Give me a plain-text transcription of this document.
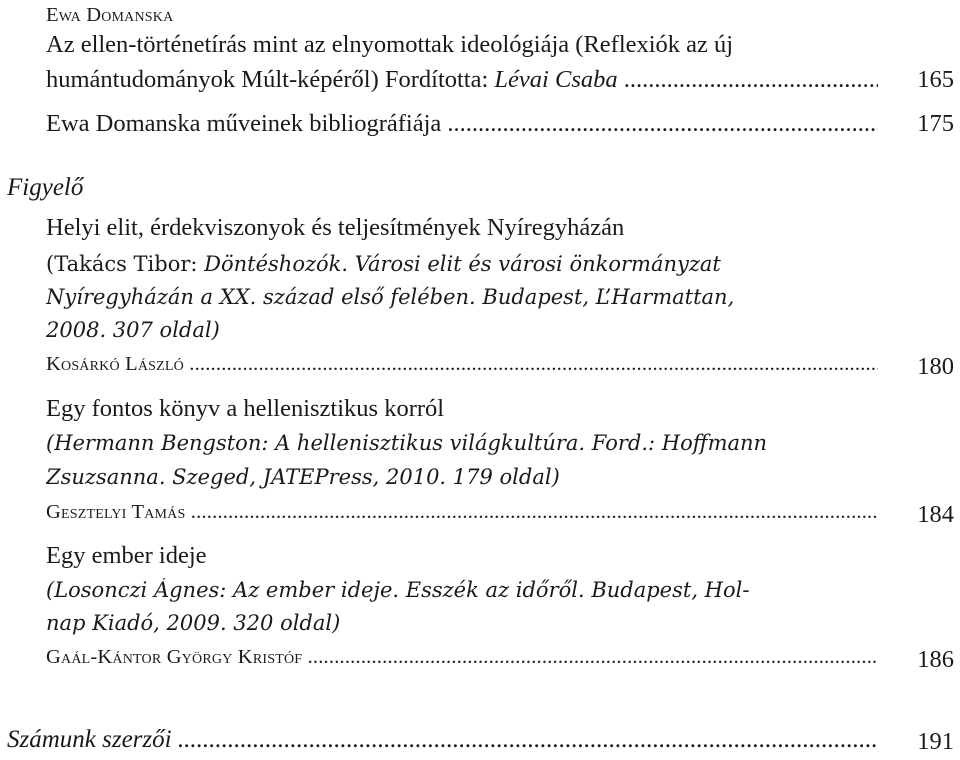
Ewa Domanska
Az ellen-történetírás mint az elnyomottak ideológiája (Reflexiók az új
humántudományok Múlt-képéről) Fordította: Lévai Csaba .....	165
Ewa Domanska műveinek bibliográfiája .....	175
Figyelő
Helyi elit, érdekviszonyok és teljesítmények Nyíregyházán
(Takács Tibor: Döntéshozók. Városi elit és városi önkormányzat
Nyíregyházán a XX. század első felében. Budapest, L’Harmattan,
2008. 307 oldal)
Kosárkó László .....	180
Egy fontos könyv a hellenisztikus korról
(Hermann Bengston: A hellenisztikus világkultúra. Ford.: Hoffmann
Zsuzsanna. Szeged, JATEPress, 2010. 179 oldal)
Gesztelyi Tamás .....	184
Egy ember ideje
(Losonczi Ágnes: Az ember ideje. Esszék az időről. Budapest, Hol-
nap Kiadó, 2009. 320 oldal)
Gaál-Kántor György Kristóf .....	186
Számunk szerzői .....	191
